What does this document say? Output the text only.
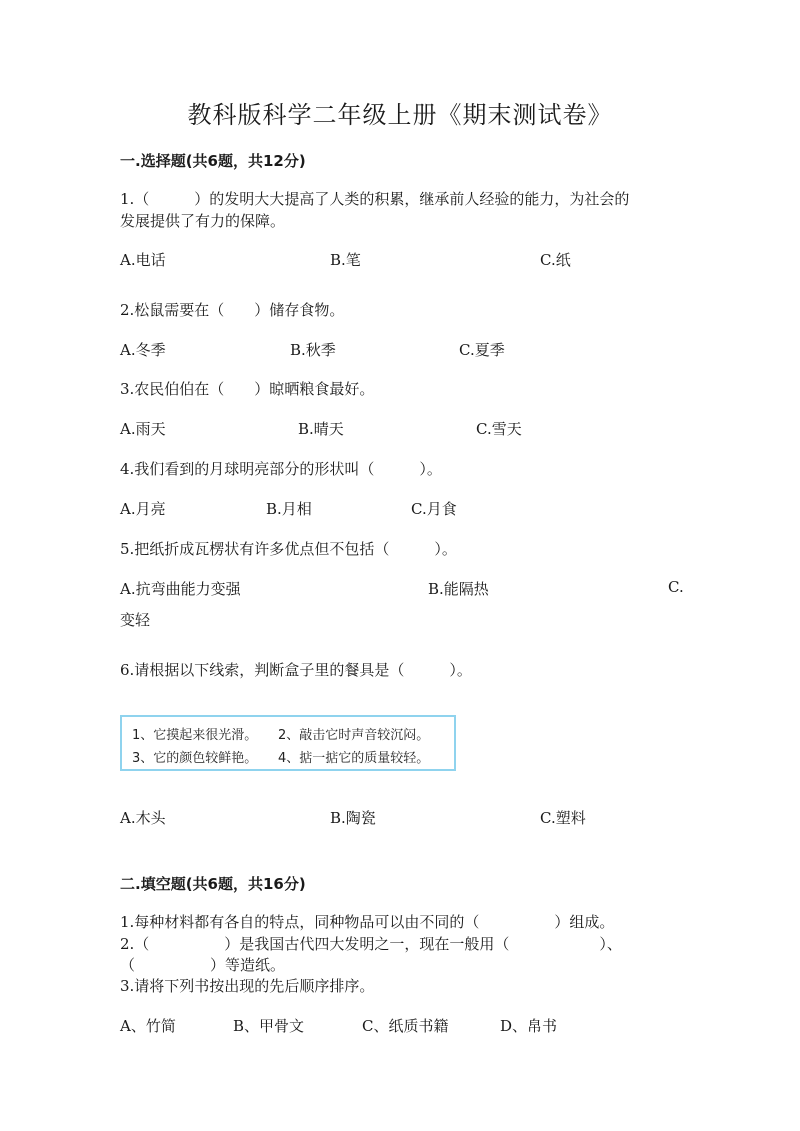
教科版科学二年级上册《期末测试卷》
一.选择题(共6题，共12分)
1.（　　　）的发明大大提高了人类的积累，继承前人经验的能力，为社会的
发展提供了有力的保障。
A.电话	B.笔	C.纸
2.松鼠需要在（　　）储存食物。
A.冬季	B.秋季	C.夏季
3.农民伯伯在（　　）晾晒粮食最好。
A.雨天	B.晴天	C.雪天
4.我们看到的月球明亮部分的形状叫（　　　）。
A.月亮	B.月相	C.月食
5.把纸折成瓦楞状有许多优点但不包括（　　　）。
A.抗弯曲能力变强	B.能隔热	C.
变轻
6.请根据以下线索，判断盒子里的餐具是（　　　）。
1、它摸起来很光滑。 2、敲击它时声音较沉闷。
3、它的颜色较鲜艳。 4、掂一掂它的质量较轻。
A.木头	B.陶瓷	C.塑料
二.填空题(共6题，共16分)
1.每种材料都有各自的特点，同种物品可以由不同的（　　　　　）组成。
2.（　　　　　）是我国古代四大发明之一，现在一般用（　　　　　　）、
（　　　　　）等造纸。
3.请将下列书按出现的先后顺序排序。
A、竹简	B、甲骨文	C、纸质书籍	D、帛书
